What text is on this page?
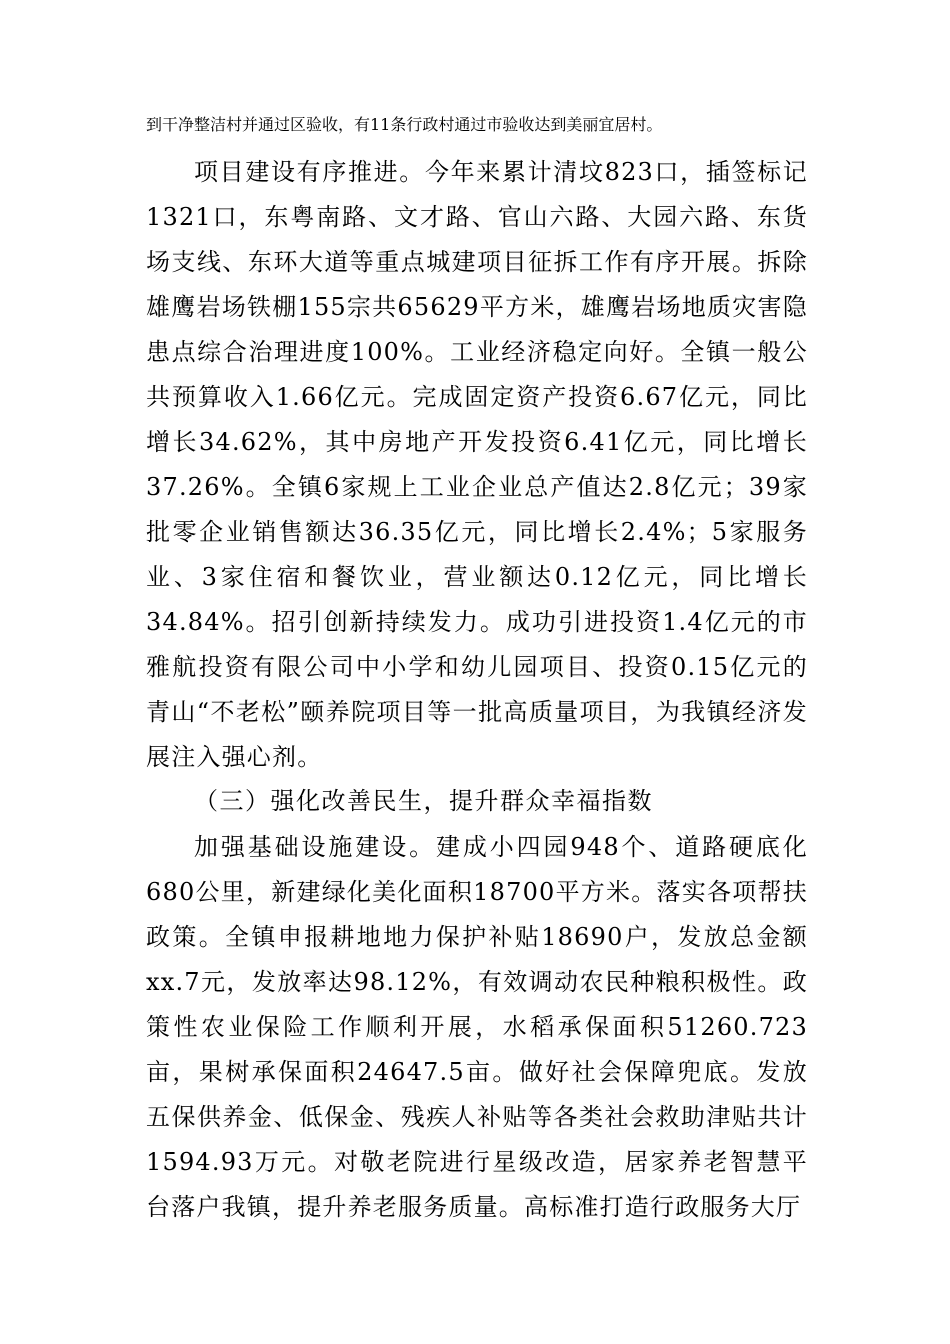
到干净整洁村并通过区验收，有11条行政村通过市验收达到美丽宜居村。

项目建设有序推进。今年来累计清坟823口，插签标记1321口，东粤南路、文才路、官山六路、大园六路、东货场支线、东环大道等重点城建项目征拆工作有序开展。拆除雄鹰岩场铁棚155宗共65629平方米，雄鹰岩场地质灾害隐患点综合治理进度100%。工业经济稳定向好。全镇一般公共预算收入1.66亿元。完成固定资产投资6.67亿元，同比增长34.62%，其中房地产开发投资6.41亿元，同比增长37.26%。全镇6家规上工业企业总产值达2.8亿元；39家批零企业销售额达36.35亿元，同比增长2.4%；5家服务业、3家住宿和餐饮业，营业额达0.12亿元，同比增长34.84%。招引创新持续发力。成功引进投资1.4亿元的市雅航投资有限公司中小学和幼儿园项目、投资0.15亿元的青山“不老松”颐养院项目等一批高质量项目，为我镇经济发展注入强心剂。

（三）强化改善民生，提升群众幸福指数

加强基础设施建设。建成小四园948个、道路硬底化680公里，新建绿化美化面积18700平方米。落实各项帮扶政策。全镇申报耕地地力保护补贴18690户，发放总金额xx.7元，发放率达98.12%，有效调动农民种粮积极性。政策性农业保险工作顺利开展，水稻承保面积51260.723亩，果树承保面积24647.5亩。做好社会保障兜底。发放五保供养金、低保金、残疾人补贴等各类社会救助津贴共计1594.93万元。对敬老院进行星级改造，居家养老智慧平台落户我镇，提升养老服务质量。高标准打造行政服务大厅
